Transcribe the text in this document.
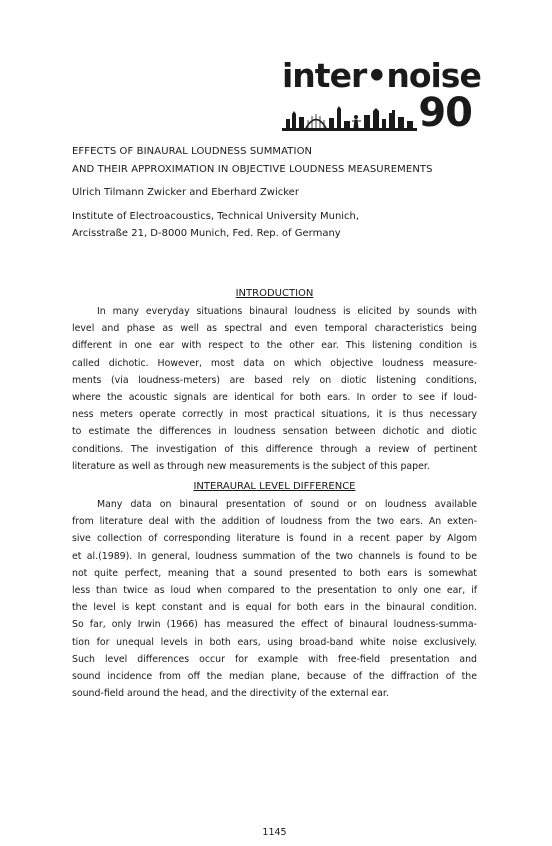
inter•noise
90
EFFECTS OF BINAURAL LOUDNESS SUMMATION
AND THEIR APPROXIMATION IN OBJECTIVE LOUDNESS MEASUREMENTS
Ulrich Tilmann Zwicker and Eberhard Zwicker
Institute of Electroacoustics, Technical University Munich,
Arcisstraße 21, D-8000 Munich, Fed. Rep. of Germany
INTRODUCTION
In many everyday situations binaural loudness is elicited by sounds with
level and phase as well as spectral and even temporal characteristics being
different in one ear with respect to the other ear. This listening condition is
called dichotic. However, most data on which objective loudness measure-
ments (via loudness-meters) are based rely on diotic listening conditions,
where the acoustic signals are identical for both ears. In order to see if loud-
ness meters operate correctly in most practical situations, it is thus necessary
to estimate the differences in loudness sensation between dichotic and diotic
conditions. The investigation of this difference through a review of pertinent
literature as well as through new measurements is the subject of this paper.
INTERAURAL LEVEL DIFFERENCE
Many data on binaural presentation of sound or on loudness available
from literature deal with the addition of loudness from the two ears. An exten-
sive collection of corresponding literature is found in a recent paper by Algom
et al.(1989). In general, loudness summation of the two channels is found to be
not quite perfect, meaning that a sound presented to both ears is somewhat
less than twice as loud when compared to the presentation to only one ear, if
the level is kept constant and is equal for both ears in the binaural condition.
So far, only Irwin (1966) has measured the effect of binaural loudness-summa-
tion for unequal levels in both ears, using broad-band white noise exclusively.
Such level differences occur for example with free-field presentation and
sound incidence from off the median plane, because of the diffraction of the
sound-field around the head, and the directivity of the external ear.
1145
